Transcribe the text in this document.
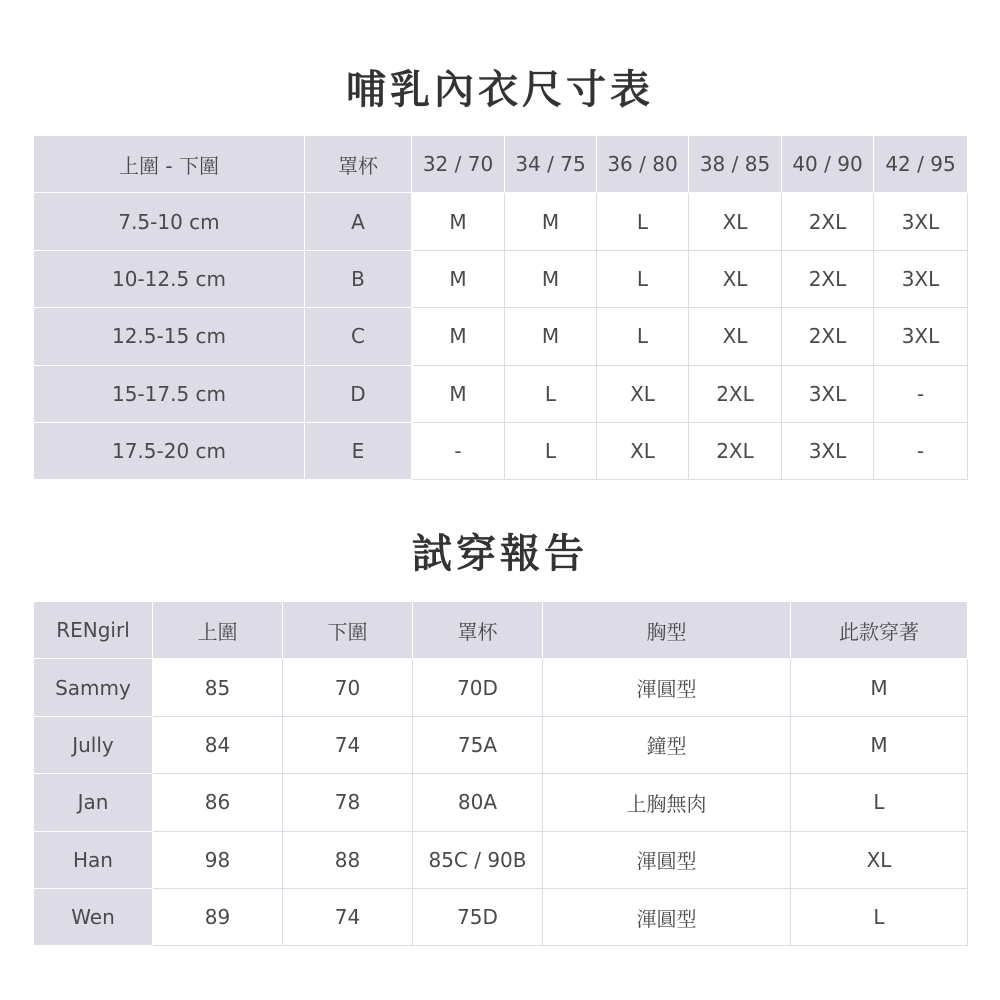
哺乳內衣尺寸表
上圍 - 下圍	罩杯	32 / 70	34 / 75	36 / 80	38 / 85	40 / 90	42 / 95
7.5-10 cm	A	M	M	L	XL	2XL	3XL
10-12.5 cm	B	M	M	L	XL	2XL	3XL
12.5-15 cm	C	M	M	L	XL	2XL	3XL
15-17.5 cm	D	M	L	XL	2XL	3XL	-
17.5-20 cm	E	-	L	XL	2XL	3XL	-
試穿報告
RENgirl	上圍	下圍	罩杯	胸型	此款穿著
Sammy	85	70	70D	渾圓型	M
Jully	84	74	75A	鐘型	M
Jan	86	78	80A	上胸無肉	L
Han	98	88	85C / 90B	渾圓型	XL
Wen	89	74	75D	渾圓型	L
